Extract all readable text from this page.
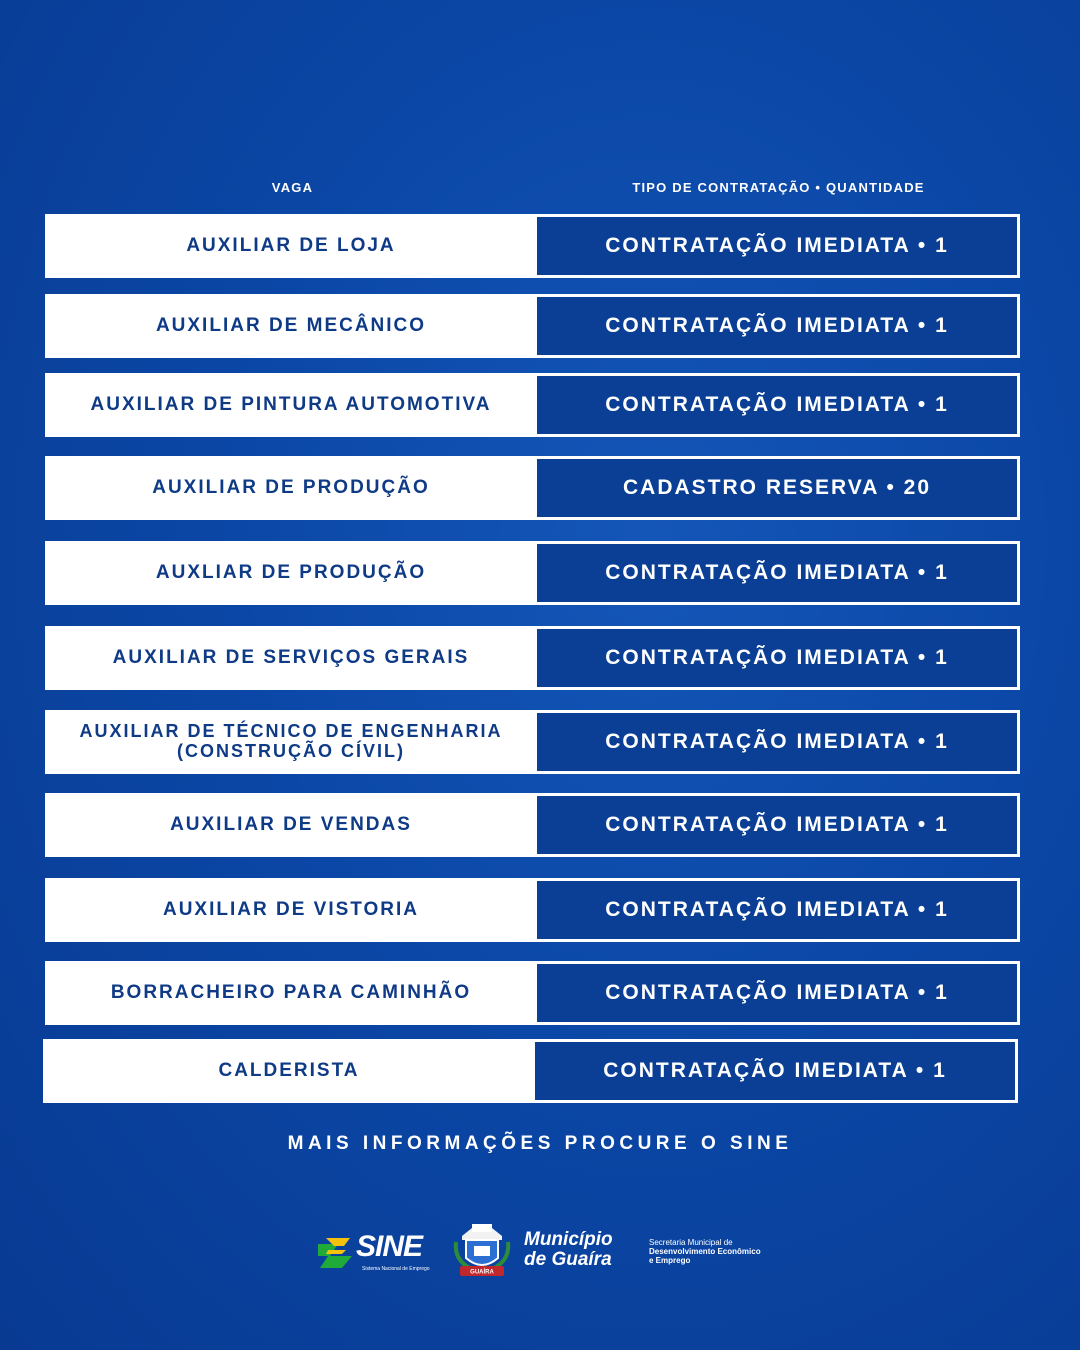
VAGA	TIPO DE CONTRATAÇÃO • QUANTIDADE
AUXILIAR DE LOJA	CONTRATAÇÃO IMEDIATA • 1
AUXILIAR DE MECÂNICO	CONTRATAÇÃO IMEDIATA • 1
AUXILIAR DE PINTURA AUTOMOTIVA	CONTRATAÇÃO IMEDIATA • 1
AUXILIAR DE PRODUÇÃO	CADASTRO RESERVA • 20
AUXLIAR DE PRODUÇÃO	CONTRATAÇÃO IMEDIATA • 1
AUXILIAR DE SERVIÇOS GERAIS	CONTRATAÇÃO IMEDIATA • 1
AUXILIAR DE TÉCNICO DE ENGENHARIA (CONSTRUÇÃO CÍVIL)	CONTRATAÇÃO IMEDIATA • 1
AUXILIAR DE VENDAS	CONTRATAÇÃO IMEDIATA • 1
AUXILIAR DE VISTORIA	CONTRATAÇÃO IMEDIATA • 1
BORRACHEIRO PARA CAMINHÃO	CONTRATAÇÃO IMEDIATA • 1
CALDERISTA	CONTRATAÇÃO IMEDIATA • 1
MAIS INFORMAÇÕES PROCURE O SINE
SINE
Sistema Nacional de Emprego
GUAÍRA
Município
de Guaíra
Secretaria Municipal de
Desenvolvimento Econômico
e Emprego
